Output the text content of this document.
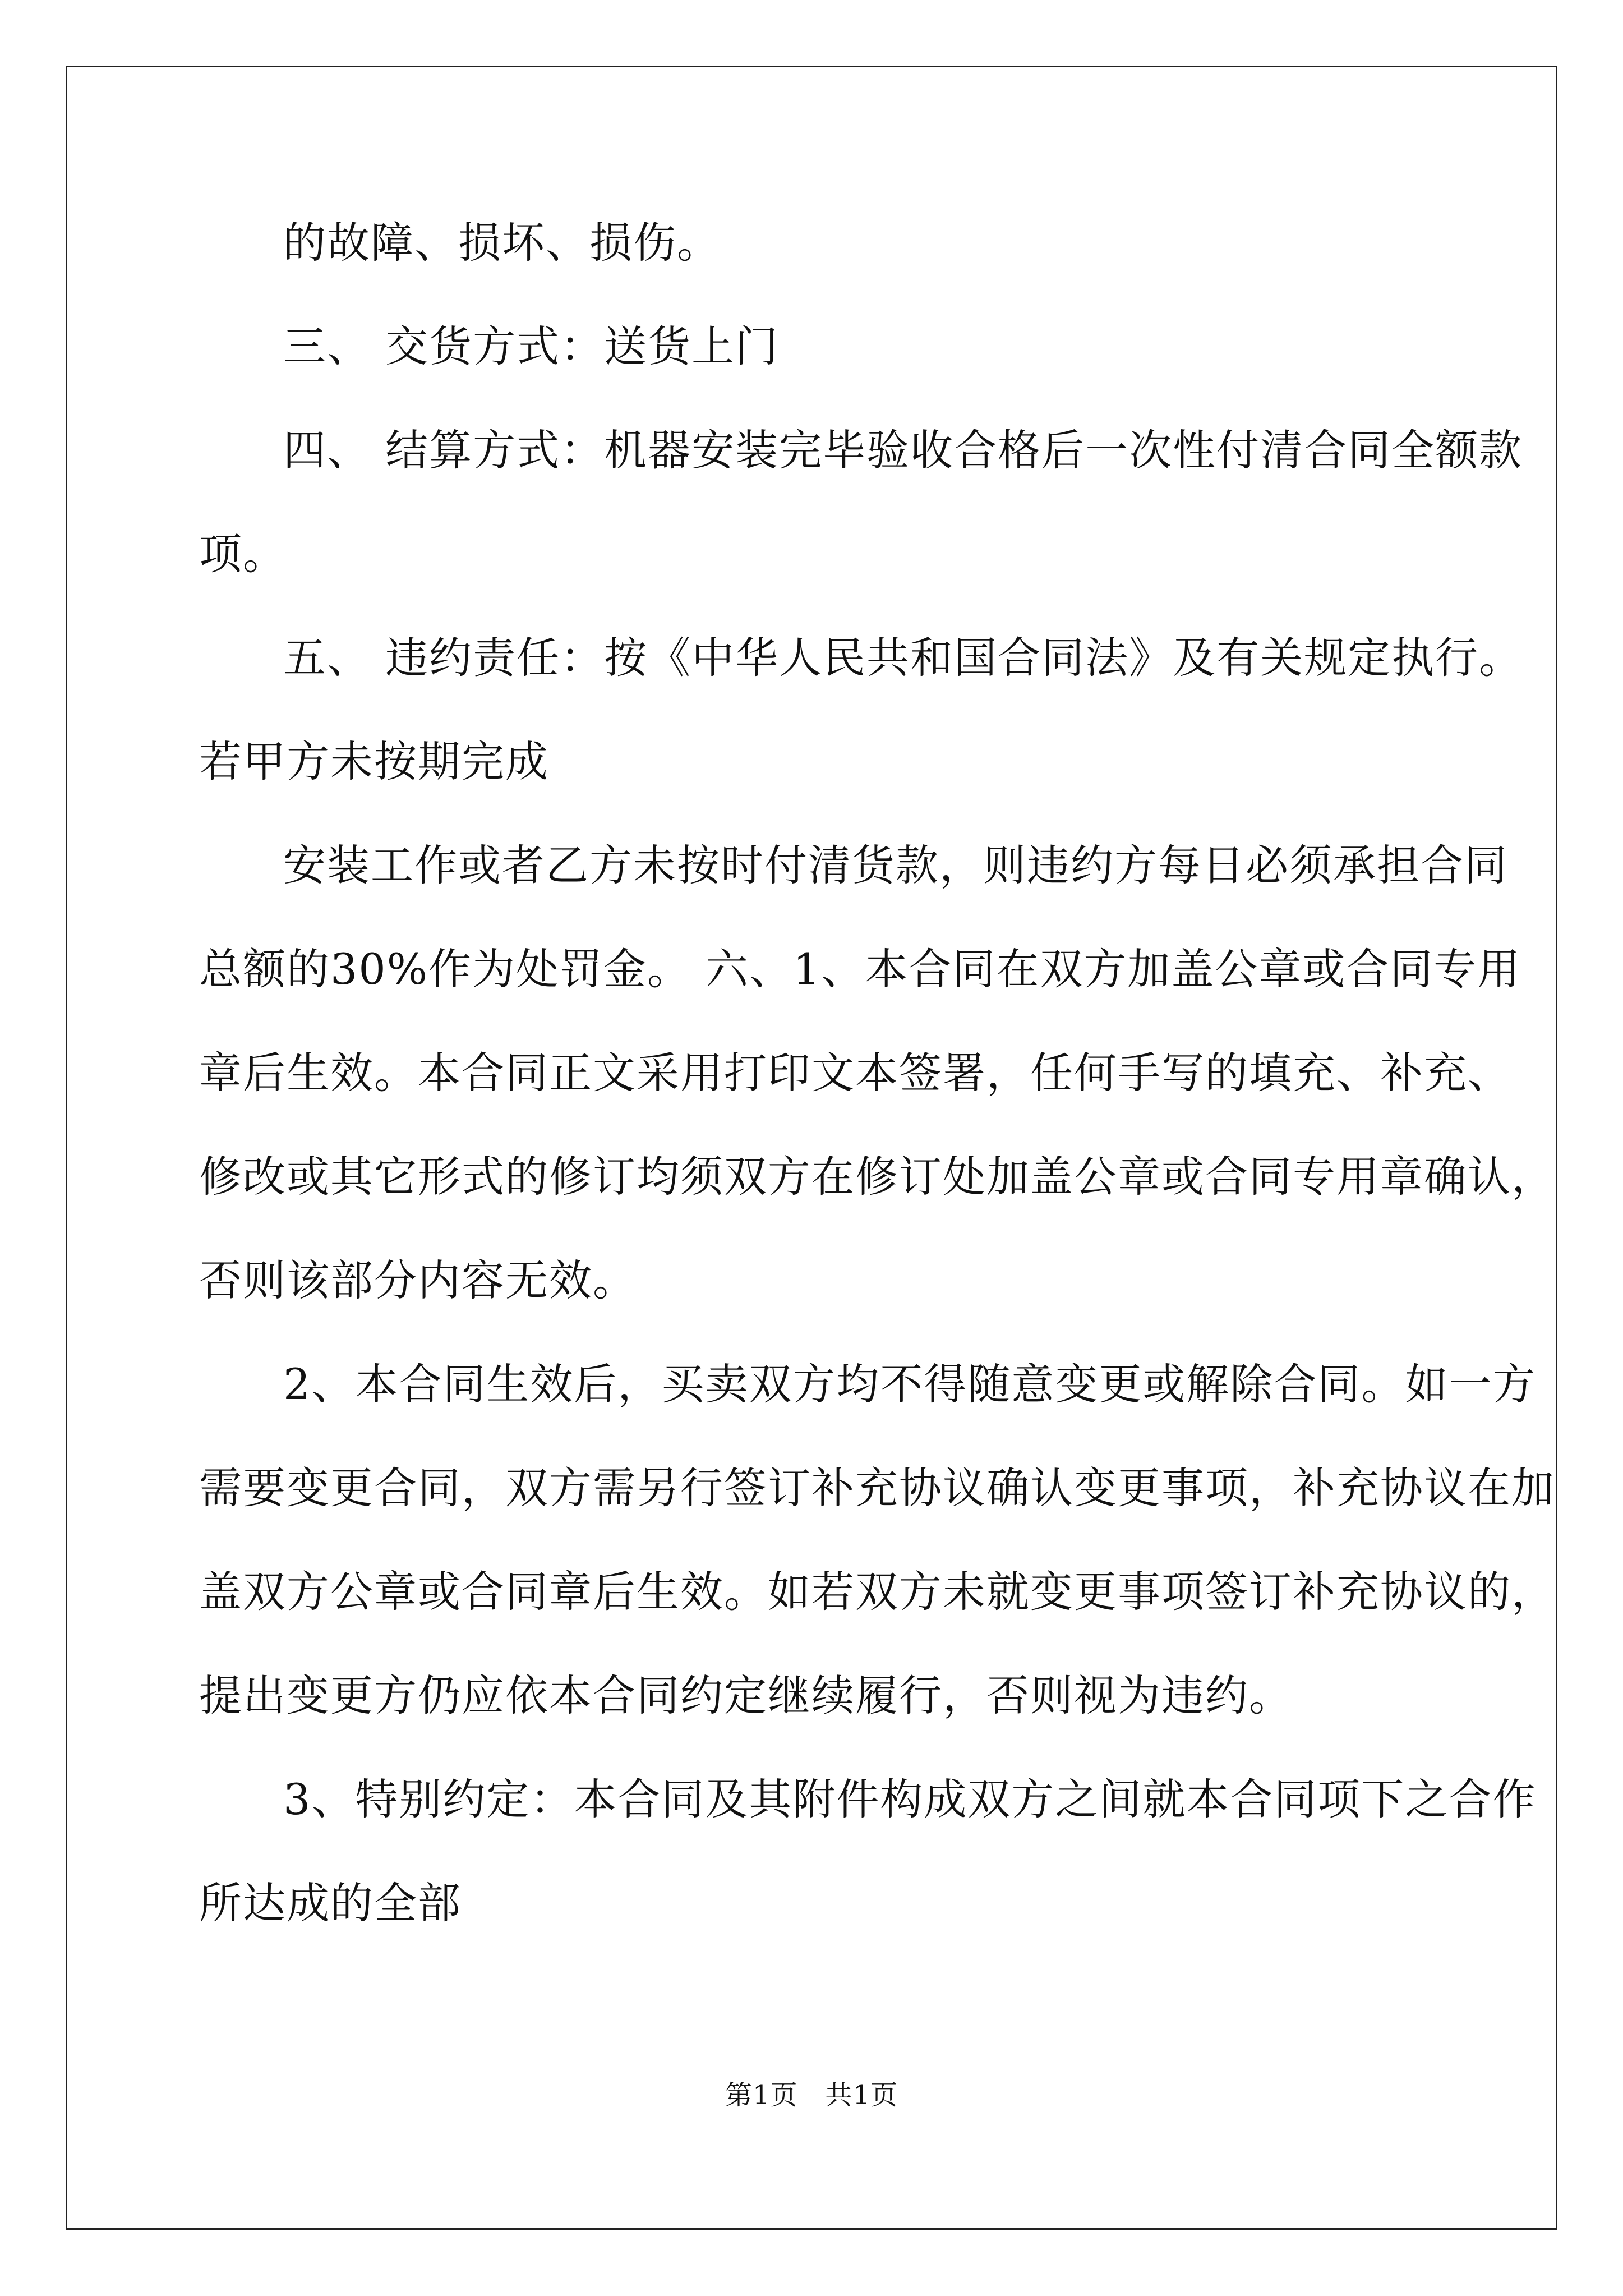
的故障、损坏、损伤。
三、 交货方式：送货上门
四、 结算方式：机器安装完毕验收合格后一次性付清合同全额款
项。
五、 违约责任：按《中华人民共和国合同法》及有关规定执行。
若甲方未按期完成
安装工作或者乙方未按时付清货款，则违约方每日必须承担合同
总额的30%作为处罚金。 六、1、本合同在双方加盖公章或合同专用
章后生效。本合同正文采用打印文本签署，任何手写的填充、补充、
修改或其它形式的修订均须双方在修订处加盖公章或合同专用章确认，
否则该部分内容无效。
2、本合同生效后，买卖双方均不得随意变更或解除合同。如一方
需要变更合同，双方需另行签订补充协议确认变更事项，补充协议在加
盖双方公章或合同章后生效。如若双方未就变更事项签订补充协议的，
提出变更方仍应依本合同约定继续履行，否则视为违约。
3、特别约定：本合同及其附件构成双方之间就本合同项下之合作
所达成的全部
第1页　共1页
